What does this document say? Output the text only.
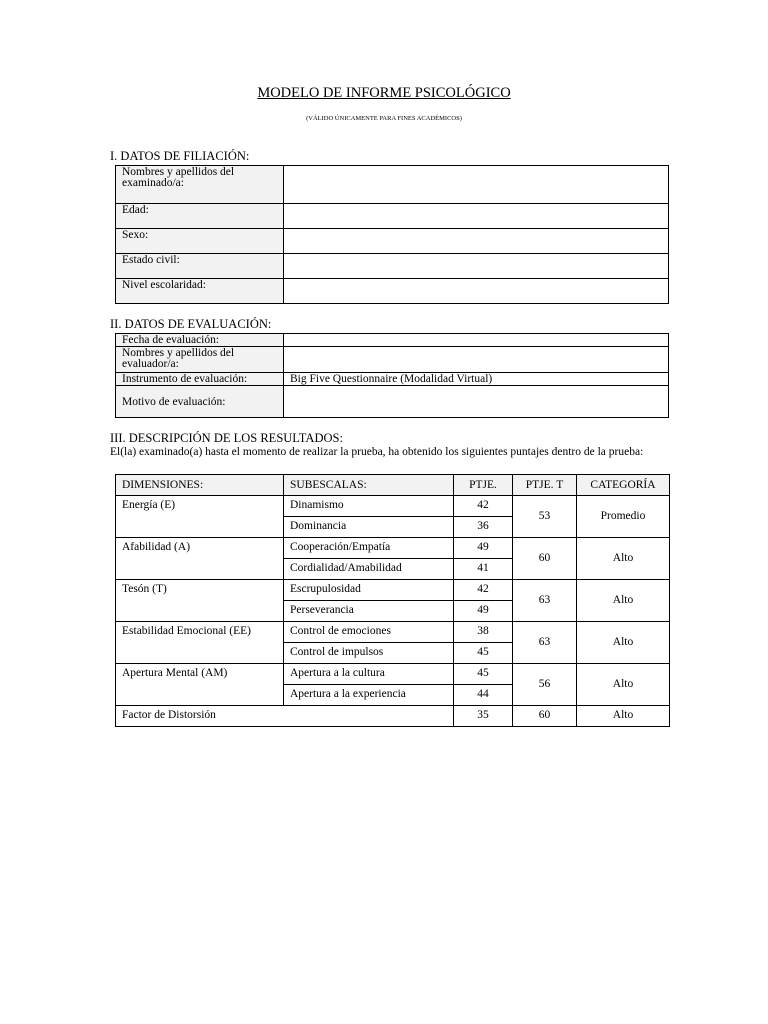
MODELO DE INFORME PSICOLÓGICO
(VÁLIDO ÚNICAMENTE PARA FINES ACADÉMICOS)
I. DATOS DE FILIACIÓN:
Nombres y apellidos del examinado/a:	
Edad:	
Sexo:	
Estado civil:	
Nivel escolaridad:	
II. DATOS DE EVALUACIÓN:
Fecha de evaluación:	
Nombres y apellidos del evaluador/a:	
Instrumento de evaluación:	Big Five Questionnaire (Modalidad Virtual)
Motivo de evaluación:	
III. DESCRIPCIÓN DE LOS RESULTADOS:
El(la) examinado(a) hasta el momento de realizar la prueba, ha obtenido los siguientes puntajes dentro de la prueba:
DIMENSIONES:	SUBESCALAS:	PTJE.	PTJE. T	CATEGORÍA
Energía (E)	Dinamismo	42	53	Promedio
	Dominancia	36		
Afabilidad (A)	Cooperación/Empatía	49	60	Alto
	Cordialidad/Amabilidad	41		
Tesón (T)	Escrupulosidad	42	63	Alto
	Perseverancia	49		
Estabilidad Emocional (EE)	Control de emociones	38	63	Alto
	Control de impulsos	45		
Apertura Mental (AM)	Apertura a la cultura	45	56	Alto
	Apertura a la experiencia	44		
Factor de Distorsión		35	60	Alto
